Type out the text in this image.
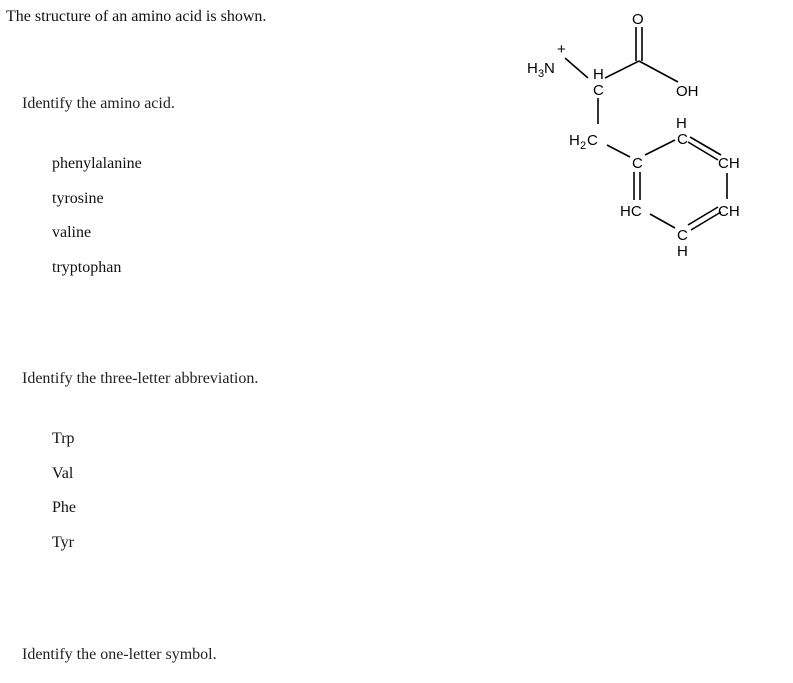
The structure of an amino acid is shown.
Identify the amino acid.
phenylalanine
tyrosine
valine
tryptophan
Identify the three-letter abbreviation.
Trp
Val
Phe
Tyr
Identify the one-letter symbol.
+
H 3 N	H
C
O
OH
H 2 C
C
H
C
CH
CH
C
H
HC
